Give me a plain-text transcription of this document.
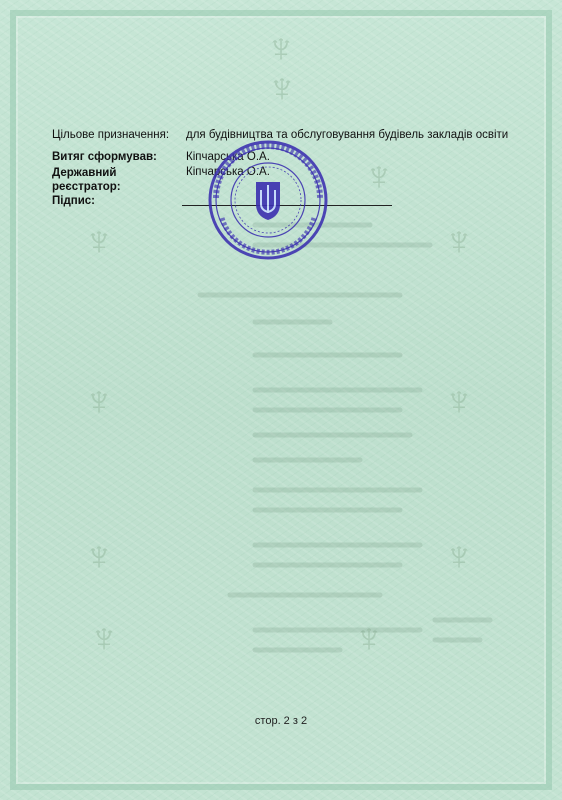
♆
♆
♆
♆	♆
♆	♆
♆	♆
♆
♆
Цільове призначення: для будівництва та обслуговування будівель закладів освіти
Витяг сформував:	Кіпчарська О.А.
Державний реєстратор:
Кіпчарська О.А.
Підпис:
стор. 2 з 2
